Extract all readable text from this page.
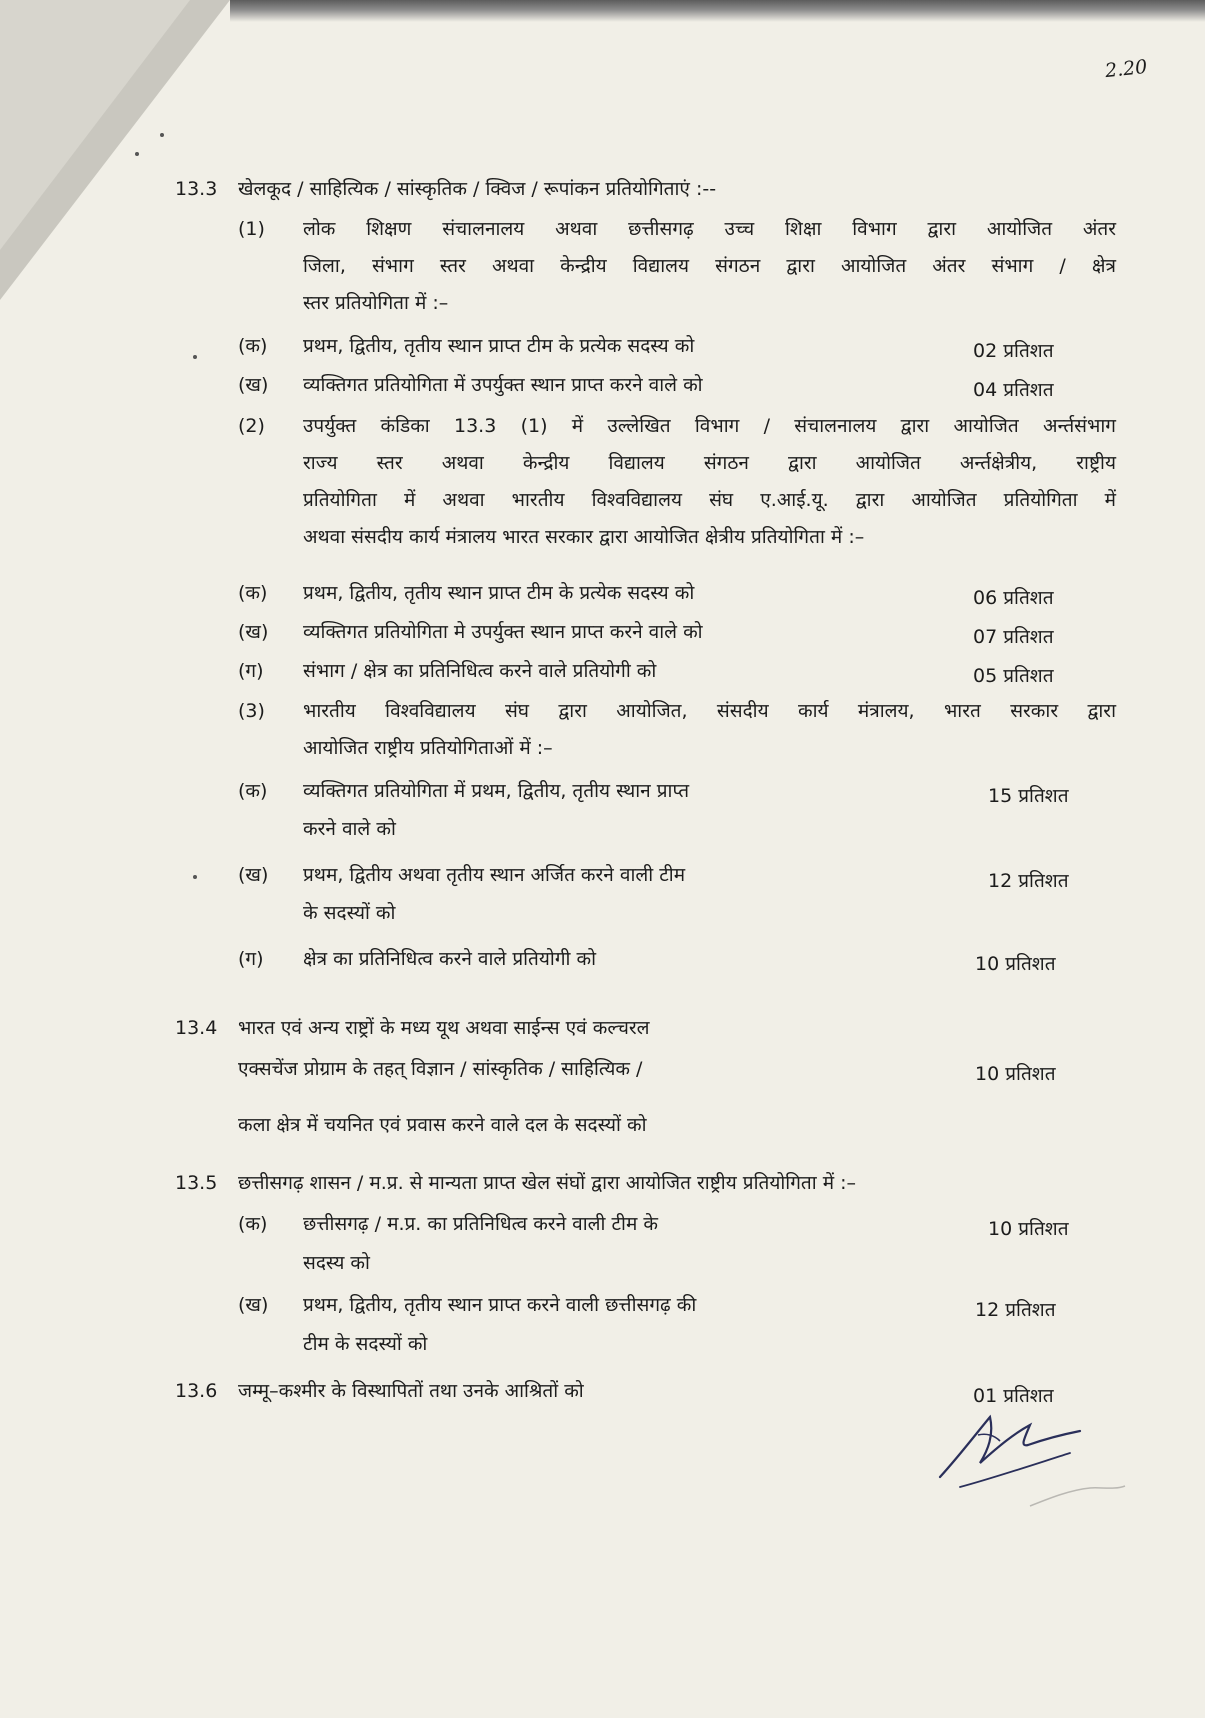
2.20
13.3 खेलकूद / साहित्यिक / सांस्कृतिक / क्विज / रूपांकन प्रतियोगिताएं :--
(1) लोक शिक्षण संचालनालय अथवा छत्तीसगढ़ उच्च शिक्षा विभाग द्वारा आयोजित अंतर
जिला, संभाग स्तर अथवा केन्द्रीय विद्यालय संगठन द्वारा आयोजित अंतर संभाग / क्षेत्र
स्तर प्रतियोगिता में :–
(क) प्रथम, द्वितीय, तृतीय स्थान प्राप्त टीम के प्रत्येक सदस्य को	02 प्रतिशत
(ख) व्यक्तिगत प्रतियोगिता में उपर्युक्त स्थान प्राप्त करने वाले को	04 प्रतिशत
(2) उपर्युक्त कंडिका 13.3 (1) में उल्लेखित विभाग / संचालनालय द्वारा आयोजित अर्न्तसंभाग
राज्य स्तर अथवा केन्द्रीय विद्यालय संगठन द्वारा आयोजित अर्न्तक्षेत्रीय, राष्ट्रीय
प्रतियोगिता में अथवा भारतीय विश्वविद्यालय संघ ए.आई.यू. द्वारा आयोजित प्रतियोगिता में
अथवा संसदीय कार्य मंत्रालय भारत सरकार द्वारा आयोजित क्षेत्रीय प्रतियोगिता में :–
(क) प्रथम, द्वितीय, तृतीय स्थान प्राप्त टीम के प्रत्येक सदस्य को	06 प्रतिशत
(ख) व्यक्तिगत प्रतियोगिता मे उपर्युक्त स्थान प्राप्त करने वाले को	07 प्रतिशत
(ग) संभाग / क्षेत्र का प्रतिनिधित्व करने वाले प्रतियोगी को	05 प्रतिशत
(3) भारतीय विश्वविद्यालय संघ द्वारा आयोजित, संसदीय कार्य मंत्रालय, भारत सरकार द्वारा
आयोजित राष्ट्रीय प्रतियोगिताओं में :–
(क) व्यक्तिगत प्रतियोगिता में प्रथम, द्वितीय, तृतीय स्थान प्राप्त
करने वाले को
15 प्रतिशत
(ख) प्रथम, द्वितीय अथवा तृतीय स्थान अर्जित करने वाली टीम
के सदस्यों को
12 प्रतिशत
(ग) क्षेत्र का प्रतिनिधित्व करने वाले प्रतियोगी को	10 प्रतिशत
13.4 भारत एवं अन्य राष्ट्रों के मध्य यूथ अथवा साईन्स एवं कल्चरल
एक्सचेंज प्रोग्राम के तहत् विज्ञान / सांस्कृतिक / साहित्यिक /	10 प्रतिशत
कला क्षेत्र में चयनित एवं प्रवास करने वाले दल के सदस्यों को
13.5 छत्तीसगढ़ शासन / म.प्र. से मान्यता प्राप्त खेल संघों द्वारा आयोजित राष्ट्रीय प्रतियोगिता में :–
(क) छत्तीसगढ़ / म.प्र. का प्रतिनिधित्व करने वाली टीम के
सदस्य को
10 प्रतिशत
(ख) प्रथम, द्वितीय, तृतीय स्थान प्राप्त करने वाली छत्तीसगढ़ की
टीम के सदस्यों को
12 प्रतिशत
13.6 जम्मू–कश्मीर के विस्थापितों तथा उनके आश्रितों को	01 प्रतिशत
